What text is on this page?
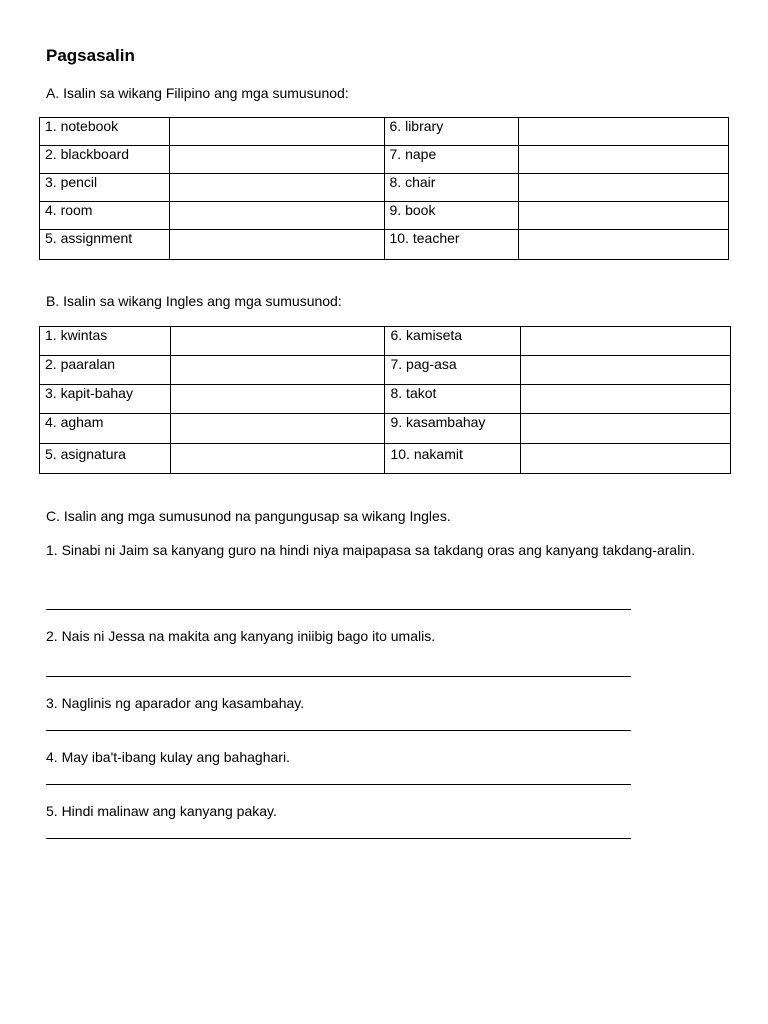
Pagsasalin

A. Isalin sa wikang Filipino ang mga sumusunod:

1. notebook		6. library	
2. blackboard		7. nape	
3. pencil		8. chair	
4. room		9. book	
5. assignment		10. teacher	

B. Isalin sa wikang Ingles ang mga sumusunod:

1. kwintas		6. kamiseta	
2. paaralan		7. pag-asa	
3. kapit-bahay		8. takot	
4. agham		9. kasambahay	
5. asignatura		10. nakamit	

C. Isalin ang mga sumusunod na pangungusap sa wikang Ingles.

1. Sinabi ni Jaim sa kanyang guro na hindi niya maipapasa sa takdang oras ang kanyang takdang-aralin.

2. Nais ni Jessa na makita ang kanyang iniibig bago ito umalis.

3. Naglinis ng aparador ang kasambahay.

4. May iba't-ibang kulay ang bahaghari.

5. Hindi malinaw ang kanyang pakay.
